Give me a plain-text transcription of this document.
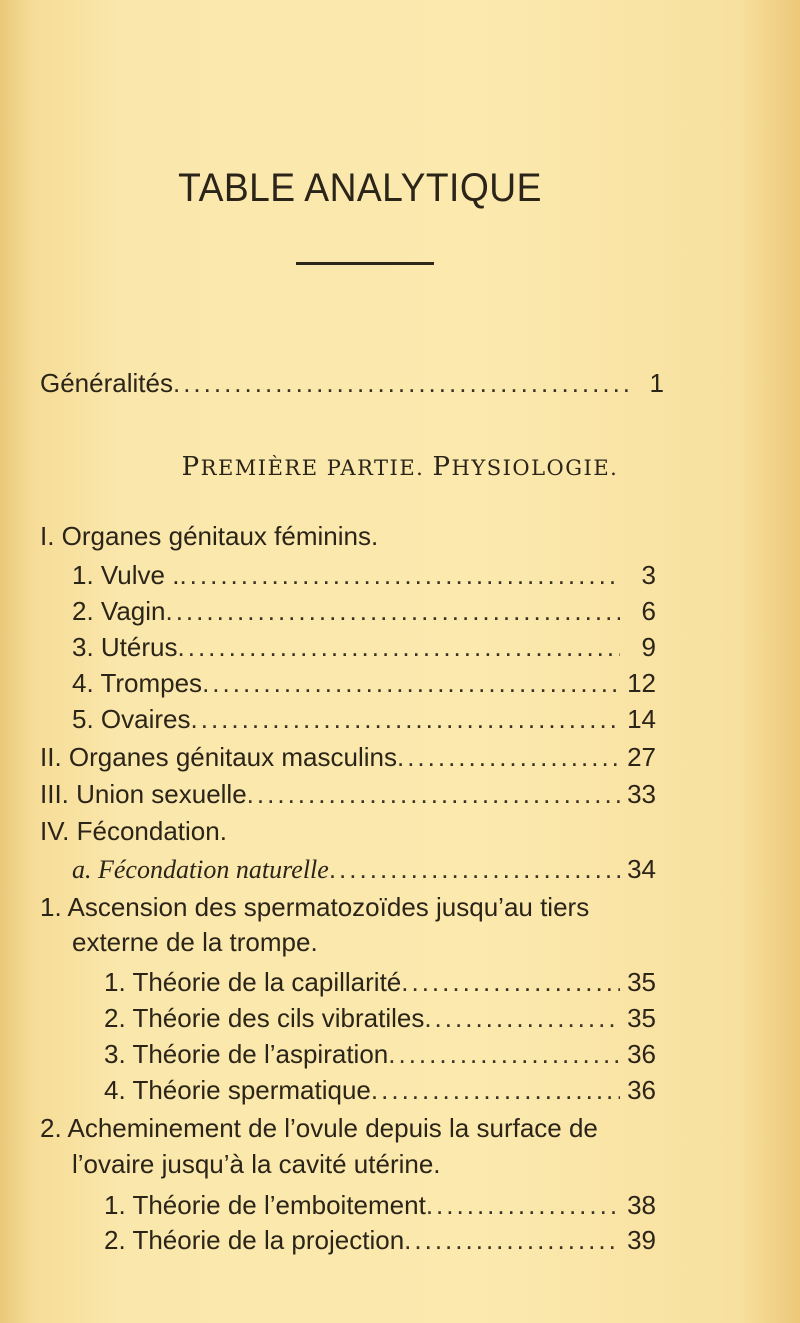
TABLE ANALYTIQUE
Généralités .....	1
PREMIÈRE PARTIE. PHYSIOLOGIE.
I. Organes génitaux féminins.
1. Vulve . .....	3
2. Vagin .....	6
3. Utérus .....	9
4. Trompes .....	12
5. Ovaires .....	14
II. Organes génitaux masculins .....	27
III. Union sexuelle .....	33
IV. Fécondation.
a. Fécondation naturelle .....	34
1. Ascension des spermatozoïdes jusqu’au tiers
externe de la trompe.
1. Théorie de la capillarité .....	35
2. Théorie des cils vibratiles .....	35
3. Théorie de l’aspiration .....	36
4. Théorie spermatique .....	36
2. Acheminement de l’ovule depuis la surface de
l’ovaire jusqu’à la cavité utérine.
1. Théorie de l’emboitement .....	38
2. Théorie de la projection .....	39
